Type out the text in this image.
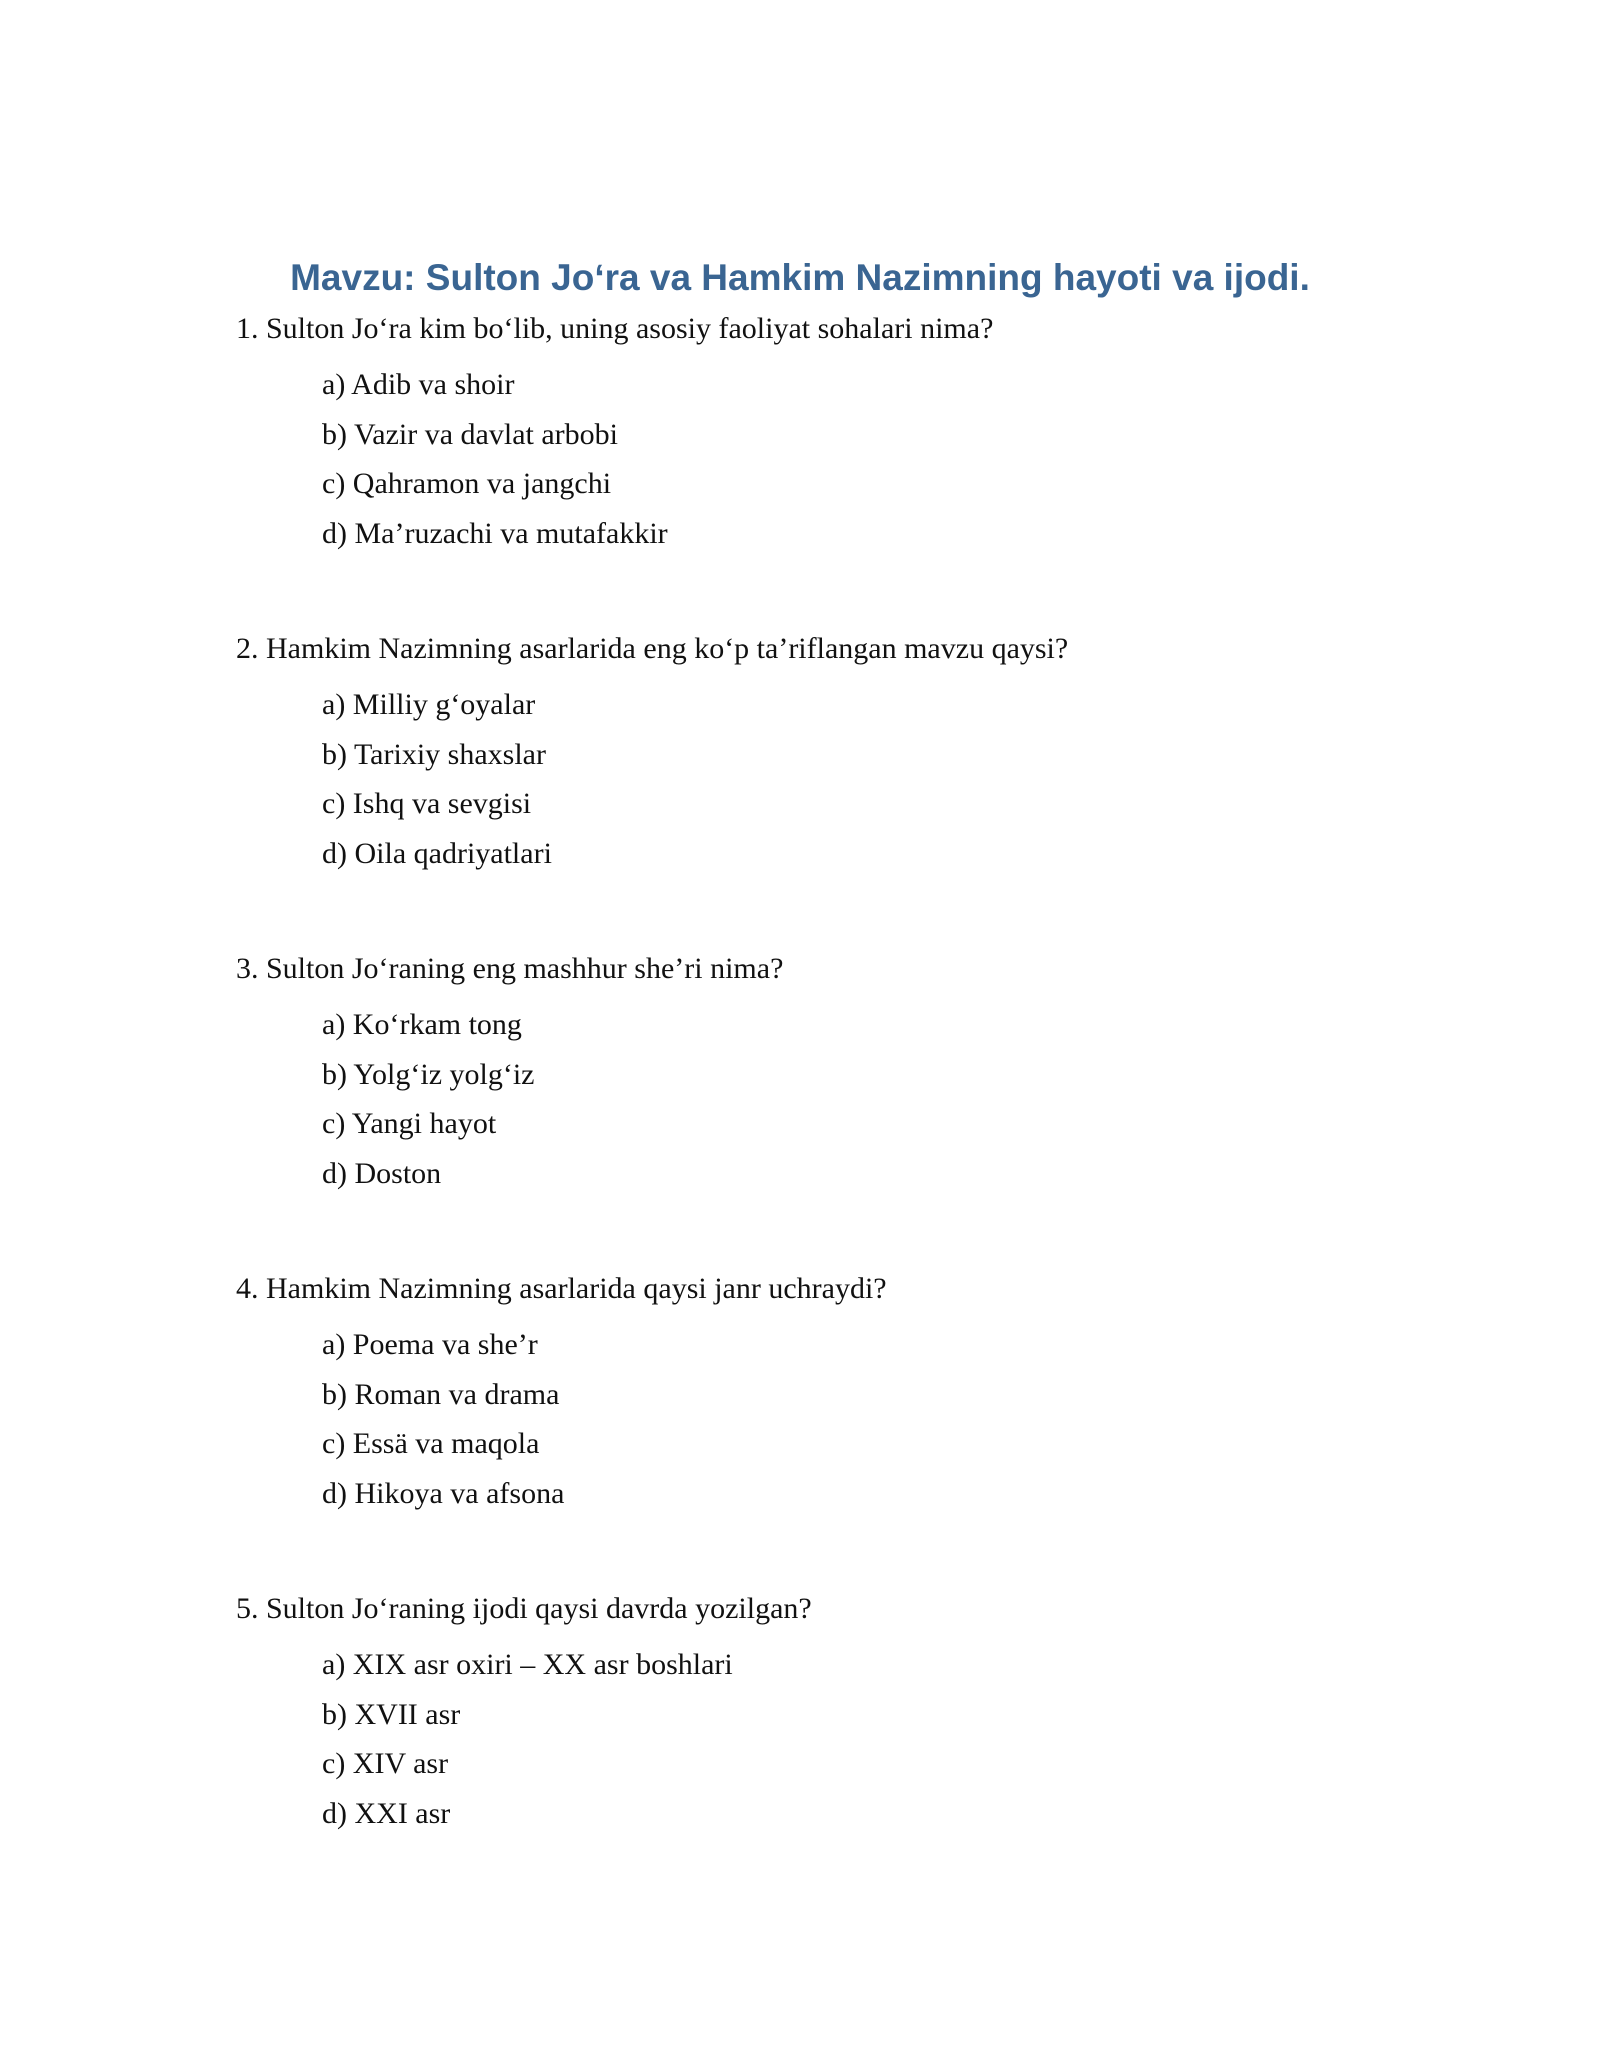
Mavzu: Sulton Jo‘ra va Hamkim Nazimning hayoti va ijodi.

1. Sulton Jo‘ra kim bo‘lib, uning asosiy faoliyat sohalari nima?

a) Adib va shoir
b) Vazir va davlat arbobi
c) Qahramon va jangchi
d) Ma’ruzachi va mutafakkir

2. Hamkim Nazimning asarlarida eng ko‘p ta’riflangan mavzu qaysi?

a) Milliy g‘oyalar
b) Tarixiy shaxslar
c) Ishq va sevgisi
d) Oila qadriyatlari

3. Sulton Jo‘raning eng mashhur she’ri nima?

a) Ko‘rkam tong
b) Yolg‘iz yolg‘iz
c) Yangi hayot
d) Doston

4. Hamkim Nazimning asarlarida qaysi janr uchraydi?

a) Poema va she’r
b) Roman va drama
c) Essä va maqola
d) Hikoya va afsona

5. Sulton Jo‘raning ijodi qaysi davrda yozilgan?

a) XIX asr oxiri – XX asr boshlari
b) XVII asr
c) XIV asr
d) XXI asr
